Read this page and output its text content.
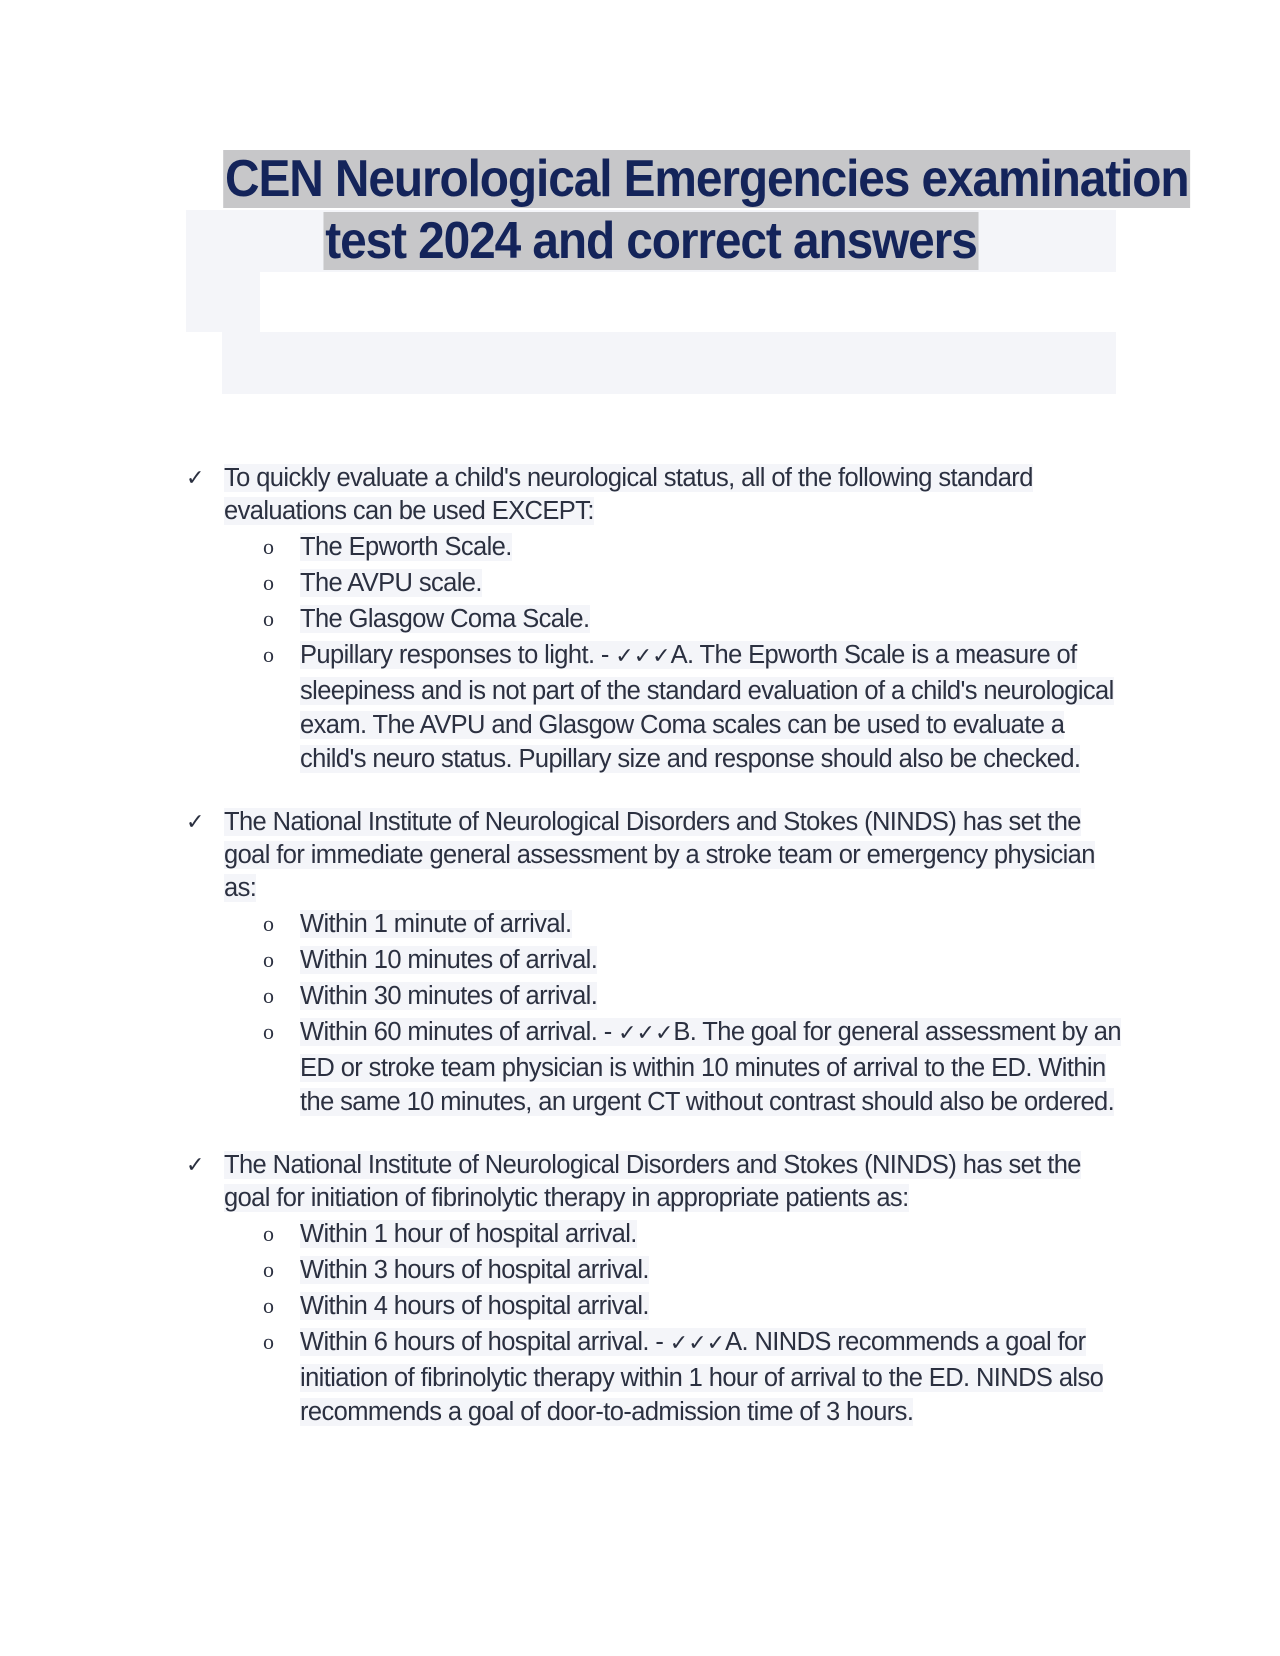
CEN Neurological Emergencies examination
test 2024 and correct answers
✓ To quickly evaluate a child's neurological status, all of the following standard evaluations can be used EXCEPT:
o The Epworth Scale.
o The AVPU scale.
o The Glasgow Coma Scale.
o Pupillary responses to light. - ✓✓✓A. The Epworth Scale is a measure of sleepiness and is not part of the standard evaluation of a child's neurological exam. The AVPU and Glasgow Coma scales can be used to evaluate a child's neuro status. Pupillary size and response should also be checked.
✓ The National Institute of Neurological Disorders and Stokes (NINDS) has set the goal for immediate general assessment by a stroke team or emergency physician as:
o Within 1 minute of arrival.
o Within 10 minutes of arrival.
o Within 30 minutes of arrival.
o Within 60 minutes of arrival. - ✓✓✓B. The goal for general assessment by an ED or stroke team physician is within 10 minutes of arrival to the ED. Within the same 10 minutes, an urgent CT without contrast should also be ordered.
✓ The National Institute of Neurological Disorders and Stokes (NINDS) has set the goal for initiation of fibrinolytic therapy in appropriate patients as:
o Within 1 hour of hospital arrival.
o Within 3 hours of hospital arrival.
o Within 4 hours of hospital arrival.
o Within 6 hours of hospital arrival. - ✓✓✓A. NINDS recommends a goal for initiation of fibrinolytic therapy within 1 hour of arrival to the ED. NINDS also recommends a goal of door-to-admission time of 3 hours.
